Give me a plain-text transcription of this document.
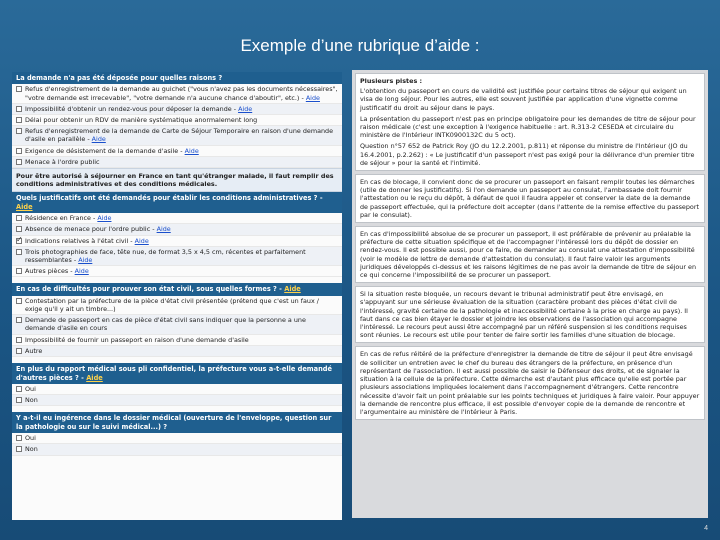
Exemple d’une rubrique d’aide :
La demande n'a pas été déposée pour quelles raisons ?
Refus d'enregistrement de la demande au guichet ("vous n'avez pas les documents nécessaires", "votre demande est irrecevable", "votre demande n'a aucune chance d'aboutir", etc.) - Aide
Impossibilité d'obtenir un rendez-vous pour déposer la demande - Aide
Délai pour obtenir un RDV de manière systématique anormalement long
Refus d'enregistrement de la demande de Carte de Séjour Temporaire en raison d'une demande d'asile en parallèle - Aide
Exigence de désistement de la demande d'asile - Aide
Menace à l'ordre public
Pour être autorisé à séjourner en France en tant qu'étranger malade, il faut remplir des conditions administratives et des conditions médicales.
Quels justificatifs ont été demandés pour établir les conditions administratives ? - Aide
Résidence en France - Aide
Absence de menace pour l'ordre public - Aide
✓
Indications relatives à l'état civil - Aide
Trois photographies de face, tête nue, de format 3,5 x 4,5 cm, récentes et parfaitement ressemblantes - Aide
Autres pièces - Aide
En cas de difficultés pour prouver son état civil, sous quelles formes ? - Aide
Contestation par la préfecture de la pièce d'état civil présentée (prétend que c'est un faux / exige qu'il y ait un timbre...)
Demande de passeport en cas de pièce d'état civil sans indiquer que la personne a une demande d'asile en cours
Impossibilité de fournir un passeport en raison d'une demande d'asile
Autre
En plus du rapport médical sous pli confidentiel, la préfecture vous a-t-elle demandé d'autres pièces ? - Aide
Oui
Non
Y a-t-il eu ingérence dans le dossier médical (ouverture de l'enveloppe, question sur la pathologie ou sur le suivi médical...) ?
Oui
Non
Plusieurs pistes :

L'obtention du passeport en cours de validité est justifiée pour certains titres de séjour qui exigent un visa de long séjour. Pour les autres, elle est souvent justifiée par application d'une vignette comme justificatif du droit au séjour dans le pays.

La présentation du passeport n'est pas en principe obligatoire pour les demandes de titre de séjour pour raison médicale (c'est une exception à l'exigence habituelle : art. R.313-2 CESEDA et circulaire du ministère de l'Intérieur INTK0900132C du 5 oct).

Question n°57 652 de Patrick Roy (JO du 12.2.2001, p.811) et réponse du ministre de l'Intérieur (JO du 16.4.2001, p.2.262) : « Le justificatif d'un passeport n'est pas exigé pour la délivrance d'un premier titre de séjour » pour la santé et l'intimité.

En cas de blocage, il convient donc de se procurer un passeport en faisant remplir toutes les démarches (utile de donner les justificatifs). Si l'on demande un passeport au consulat, l'ambassade doit fournir l'attestation ou le reçu du dépôt, à défaut de quoi il faudra appeler et conserver la date de la demande de passeport effectuée, qui la préfecture doit accepter (dans l'attente de la remise effective du passeport par le consulat).

En cas d'impossibilité absolue de se procurer un passeport, il est préférable de prévenir au préalable la préfecture de cette situation spécifique et de l'accompagner l'intéressé lors du dépôt de dossier en rendez-vous. Il est possible aussi, pour ce faire, de demander au consulat une attestation d'impossibilité (voir le modèle de lettre de demande d'attestation du consulat). Il faut faire valoir les arguments juridiques développés ci-dessus et les raisons légitimes de ne pas avoir la demande de titre de séjour en ce qui concerne l'impossibilité de se procurer un passeport.

Si la situation reste bloquée, un recours devant le tribunal administratif peut être envisagé, en s'appuyant sur une sérieuse évaluation de la situation (caractère probant des pièces d'état civil de l'intéressé, gravité certaine de la pathologie et inaccessibilité certaine à la prise en charge au pays). Il faut dans ce cas bien étayer le dossier et joindre les observations de l'association qui accompagne l'intéressé. Le recours peut aussi être accompagné par un référé suspension si les conditions requises sont réunies. Le recours est utile pour tenter de faire sortir les familles d'une situation de blocage.

En cas de refus réitéré de la préfecture d'enregistrer la demande de titre de séjour il peut être envisagé de solliciter un entretien avec le chef du bureau des étrangers de la préfecture, en présence d'un représentant de l'association. Il est aussi possible de saisir le Défenseur des droits, et de signaler la situation à la cellule de la préfecture. Cette démarche est d'autant plus efficace qu'elle est portée par plusieurs associations impliquées localement dans l'accompagnement d'étrangers. Cette rencontre nécessite d'avoir fait un point préalable sur les points techniques et juridiques à faire valoir. Pour appuyer la demande de rencontre plus efficace, il est possible d'envoyer copie de la demande de rencontre et l'argumentaire au ministère de l'Intérieur à Paris.

4
